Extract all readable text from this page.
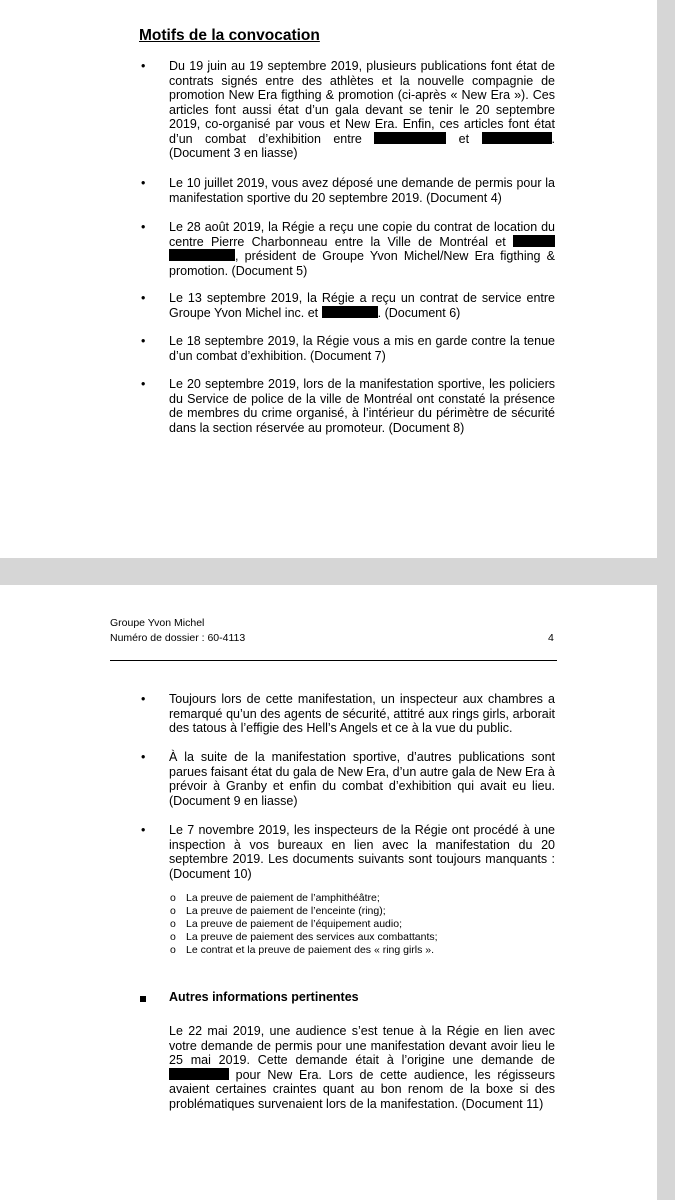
Motifs de la convocation
• Du 19 juin au 19 septembre 2019, plusieurs publications font état de contrats signés entre des athlètes et la nouvelle compagnie de promotion New Era figthing & promotion (ci-après « New Era »). Ces articles font aussi état d’un gala devant se tenir le 20 septembre 2019, co-organisé par vous et New Era. Enfin, ces articles font état d’un combat d’exhibition entre	et	. (Document 3 en liasse)
• Le 10 juillet 2019, vous avez déposé une demande de permis pour la manifestation sportive du 20 septembre 2019. (Document 4)
• Le 28 août 2019, la Régie a reçu une copie du contrat de location du centre Pierre Charbonneau entre la Ville de Montréal et  , président de Groupe Yvon Michel/New Era figthing & promotion. (Document 5)
• Le 13 septembre 2019, la Régie a reçu un contrat de service entre Groupe Yvon Michel inc. et	. (Document 6)
• Le 18 septembre 2019, la Régie vous a mis en garde contre la tenue d’un combat d’exhibition. (Document 7)
• Le 20 septembre 2019, lors de la manifestation sportive, les policiers du Service de police de la ville de Montréal ont constaté la présence de membres du crime organisé, à l’intérieur du périmètre de sécurité dans la section réservée au promoteur. (Document 8)
Groupe Yvon Michel
Numéro de dossier : 60-4113	4
• Toujours lors de cette manifestation, un inspecteur aux chambres a remarqué qu’un des agents de sécurité, attitré aux rings girls, arborait des tatous à l’effigie des Hell’s Angels et ce à la vue du public.
• À la suite de la manifestation sportive, d’autres publications sont parues faisant état du gala de New Era, d’un autre gala de New Era à prévoir à Granby et enfin du combat d’exhibition qui avait eu lieu. (Document 9 en liasse)
• Le 7 novembre 2019, les inspecteurs de la Régie ont procédé à une inspection à vos bureaux en lien avec la manifestation du 20 septembre 2019. Les documents suivants sont toujours manquants : (Document 10)
o La preuve de paiement de l’amphithéâtre;
o La preuve de paiement de l’enceinte (ring);
o La preuve de paiement de l’équipement audio;
o La preuve de paiement des services aux combattants;
o Le contrat et la preuve de paiement des « ring girls ».
Autres informations pertinentes

Le 22 mai 2019, une audience s’est tenue à la Régie en lien avec votre demande de permis pour une manifestation devant avoir lieu le 25 mai 2019. Cette demande était à l’origine une demande de  pour New Era. Lors de cette audience, les régisseurs avaient certaines craintes quant au bon renom de la boxe si des problématiques survenaient lors de la manifestation. (Document 11)
